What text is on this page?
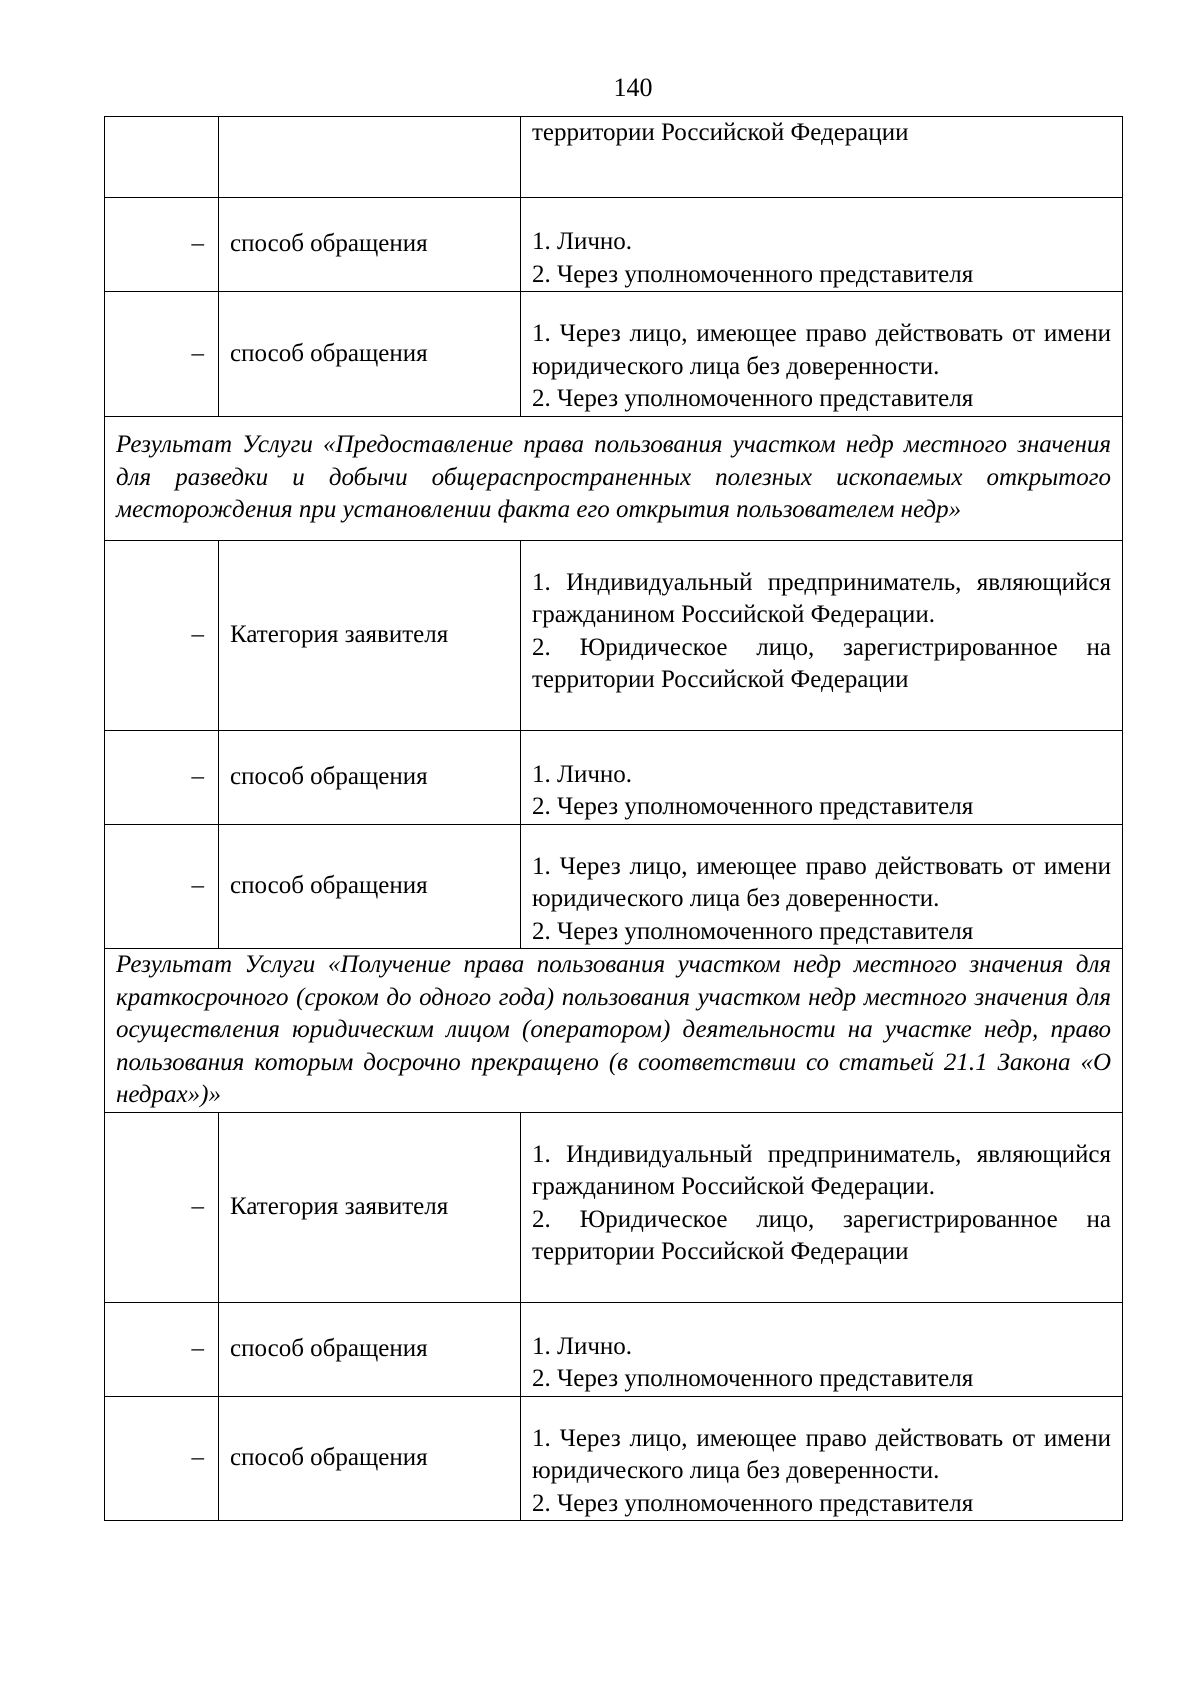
140

		территории Российской Федерации

–	способ обращения	1. Лично.
2. Через уполномоченного представителя

–	способ обращения	1. Через лицо, имеющее право действовать от имени юридического лица без доверенности.
2. Через уполномоченного представителя

Результат Услуги «Предоставление права пользования участком недр местного значения для разведки и добычи общераспространенных полезных ископаемых открытого месторождения при установлении факта его открытия пользователем недр»		
–	Категория заявителя	1. Индивидуальный предприниматель, являющийся гражданином Российской Федерации.
2. Юридическое лицо, зарегистрированное на территории Российской Федерации

–	способ обращения	1. Лично.
2. Через уполномоченного представителя

–	способ обращения	1. Через лицо, имеющее право действовать от имени юридического лица без доверенности.
2. Через уполномоченного представителя

Результат Услуги «Получение права пользования участком недр местного значения для краткосрочного (сроком до одного года) пользования участком недр местного значения для осуществления юридическим лицом (оператором) деятельности на участке недр, право пользования которым досрочно прекращено (в соответствии со статьей 21.1 Закона «О недрах»)»		
–	Категория заявителя	1. Индивидуальный предприниматель, являющийся гражданином Российской Федерации.
2. Юридическое лицо, зарегистрированное на территории Российской Федерации

–	способ обращения	1. Лично.
2. Через уполномоченного представителя

–	способ обращения	1. Через лицо, имеющее право действовать от имени юридического лица без доверенности.
2. Через уполномоченного представителя
